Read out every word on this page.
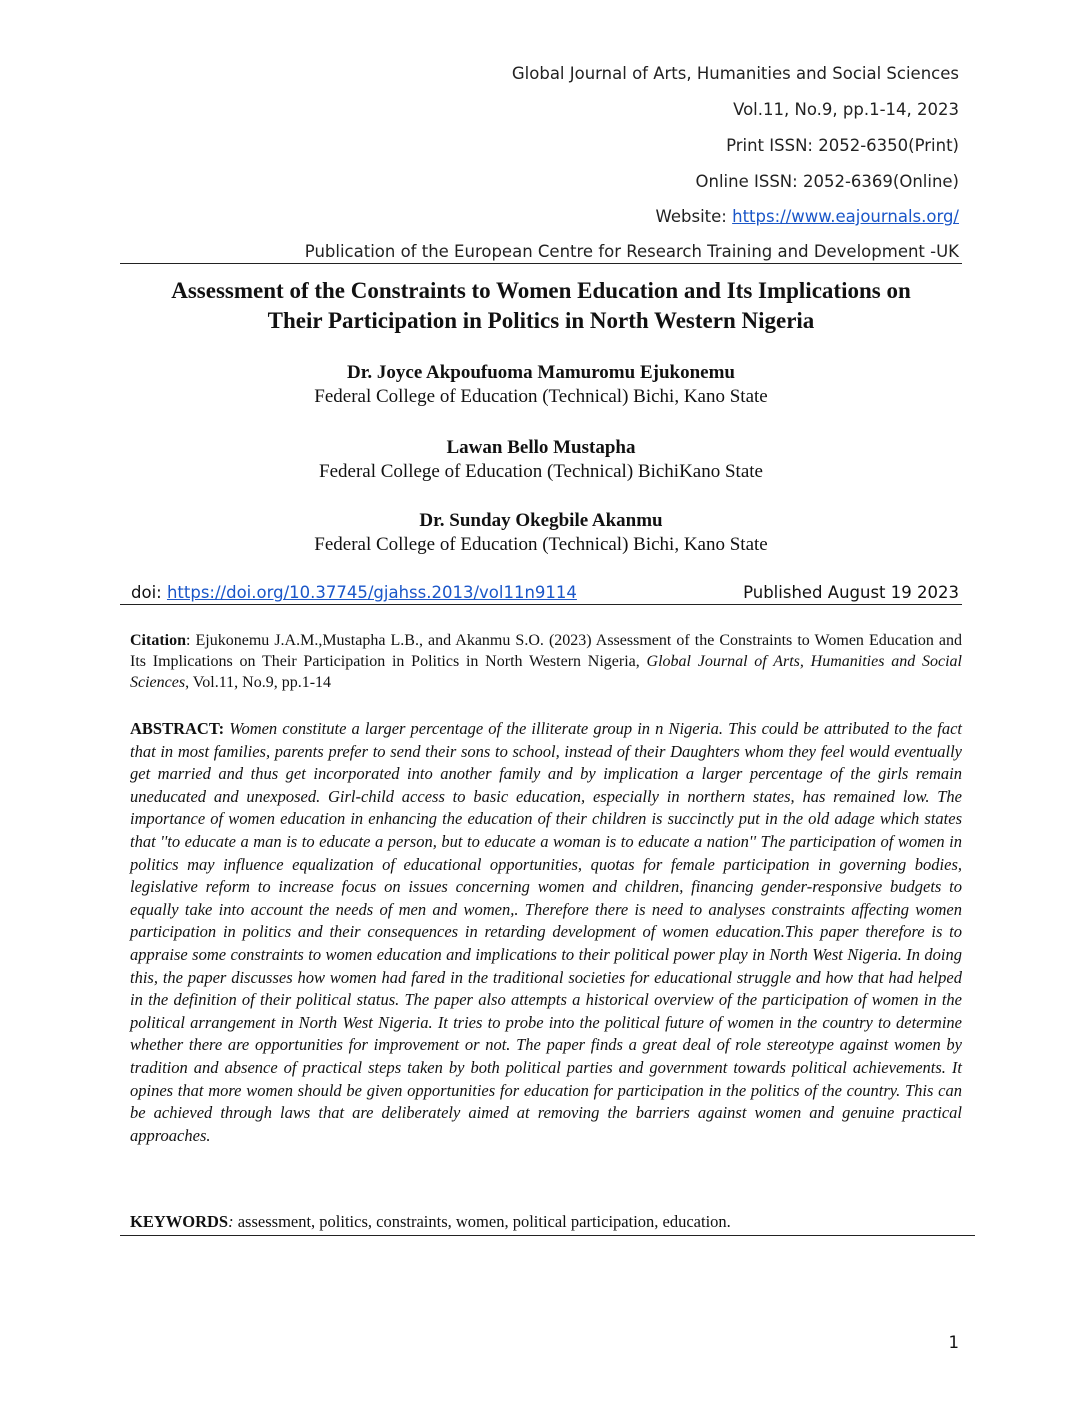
Global Journal of Arts, Humanities and Social Sciences
Vol.11, No.9, pp.1-14, 2023
Print ISSN: 2052-6350(Print)
Online ISSN: 2052-6369(Online)
Website: https://www.eajournals.org/
Publication of the European Centre for Research Training and Development -UK
Assessment of the Constraints to Women Education and Its Implications on
Their Participation in Politics in North Western Nigeria
Dr. Joyce Akpoufuoma Mamuromu Ejukonemu
Federal College of Education (Technical) Bichi, Kano State
Lawan Bello Mustapha
Federal College of Education (Technical) BichiKano State
Dr. Sunday Okegbile Akanmu
Federal College of Education (Technical) Bichi, Kano State
doi: https://doi.org/10.37745/gjahss.2013/vol11n9114	Published August 19 2023
Citation: Ejukonemu J.A.M.,Mustapha L.B., and Akanmu S.O. (2023) Assessment of the Constraints to Women Education and Its Implications on Their Participation in Politics in North Western Nigeria, Global Journal of Arts, Humanities and Social Sciences, Vol.11, No.9, pp.1-14
ABSTRACT: Women constitute a larger percentage of the illiterate group in n Nigeria. This could be attributed to the fact that in most families, parents prefer to send their sons to school, instead of their Daughters whom they feel would eventually get married and thus get incorporated into another family and by implication a larger percentage of the girls remain uneducated and unexposed. Girl-child access to basic education, especially in northern states, has remained low. The importance of women education in enhancing the education of their children is succinctly put in the old adage which states that ''to educate a man is to educate a person, but to educate a woman is to educate a nation'' The participation of women in politics may influence equalization of educational opportunities, quotas for female participation in governing bodies, legislative reform to increase focus on issues concerning women and children, financing gender-responsive budgets to equally take into account the needs of men and women,. Therefore there is need to analyses constraints affecting women participation in politics and their consequences in retarding development of women education.This paper therefore is to appraise some constraints to women education and implications to their political power play in North West Nigeria. In doing this, the paper discusses how women had fared in the traditional societies for educational struggle and how that had helped in the definition of their political status. The paper also attempts a historical overview of the participation of women in the political arrangement in North West Nigeria. It tries to probe into the political future of women in the country to determine whether there are opportunities for improvement or not. The paper finds a great deal of role stereotype against women by tradition and absence of practical steps taken by both political parties and government towards political achievements. It opines that more women should be given opportunities for education for participation in the politics of the country. This can be achieved through laws that are deliberately aimed at removing the barriers against women and genuine practical approaches.
KEYWORDS: assessment, politics, constraints, women, political participation, education.
1
